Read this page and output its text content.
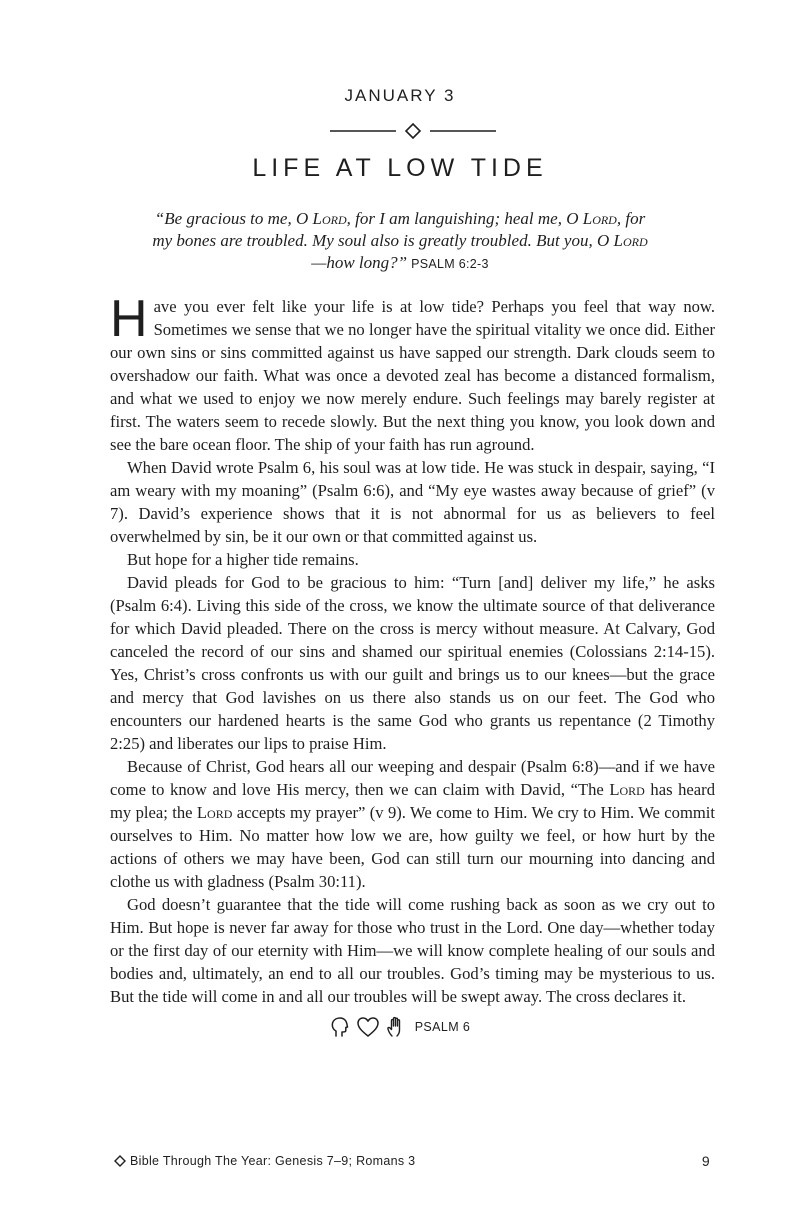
JANUARY 3
LIFE AT LOW TIDE
“Be gracious to me, O Lord, for I am languishing; heal me, O Lord, for my bones are troubled. My soul also is greatly troubled. But you, O Lord—how long?” PSALM 6:2-3

Have you ever felt like your life is at low tide? Perhaps you feel that way now. Sometimes we sense that we no longer have the spiritual vitality we once did. Either our own sins or sins committed against us have sapped our strength. Dark clouds seem to overshadow our faith. What was once a devoted zeal has become a distanced formalism, and what we used to enjoy we now merely endure. Such feelings may barely register at first. The waters seem to recede slowly. But the next thing you know, you look down and see the bare ocean floor. The ship of your faith has run aground.

When David wrote Psalm 6, his soul was at low tide. He was stuck in despair, saying, “I am weary with my moaning” (Psalm 6:6), and “My eye wastes away because of grief” (v 7). David’s experience shows that it is not abnormal for us as believers to feel overwhelmed by sin, be it our own or that committed against us.

But hope for a higher tide remains.

David pleads for God to be gracious to him: “Turn [and] deliver my life,” he asks (Psalm 6:4). Living this side of the cross, we know the ultimate source of that deliverance for which David pleaded. There on the cross is mercy without measure. At Calvary, God canceled the record of our sins and shamed our spiritual enemies (Colossians 2:14-15). Yes, Christ’s cross confronts us with our guilt and brings us to our knees—but the grace and mercy that God lavishes on us there also stands us on our feet. The God who encounters our hardened hearts is the same God who grants us repentance (2 Timothy 2:25) and liberates our lips to praise Him.

Because of Christ, God hears all our weeping and despair (Psalm 6:8)—and if we have come to know and love His mercy, then we can claim with David, “The Lord has heard my plea; the Lord accepts my prayer” (v 9). We come to Him. We cry to Him. We commit ourselves to Him. No matter how low we are, how guilty we feel, or how hurt by the actions of others we may have been, God can still turn our mourning into dancing and clothe us with gladness (Psalm 30:11).

God doesn’t guarantee that the tide will come rushing back as soon as we cry out to Him. But hope is never far away for those who trust in the Lord. One day—whether today or the first day of our eternity with Him—we will know complete healing of our souls and bodies and, ultimately, an end to all our troubles. God’s timing may be mysterious to us. But the tide will come in and all our troubles will be swept away. The cross declares it.

PSALM 6
Bible Through The Year: Genesis 7–9; Romans 3	9
